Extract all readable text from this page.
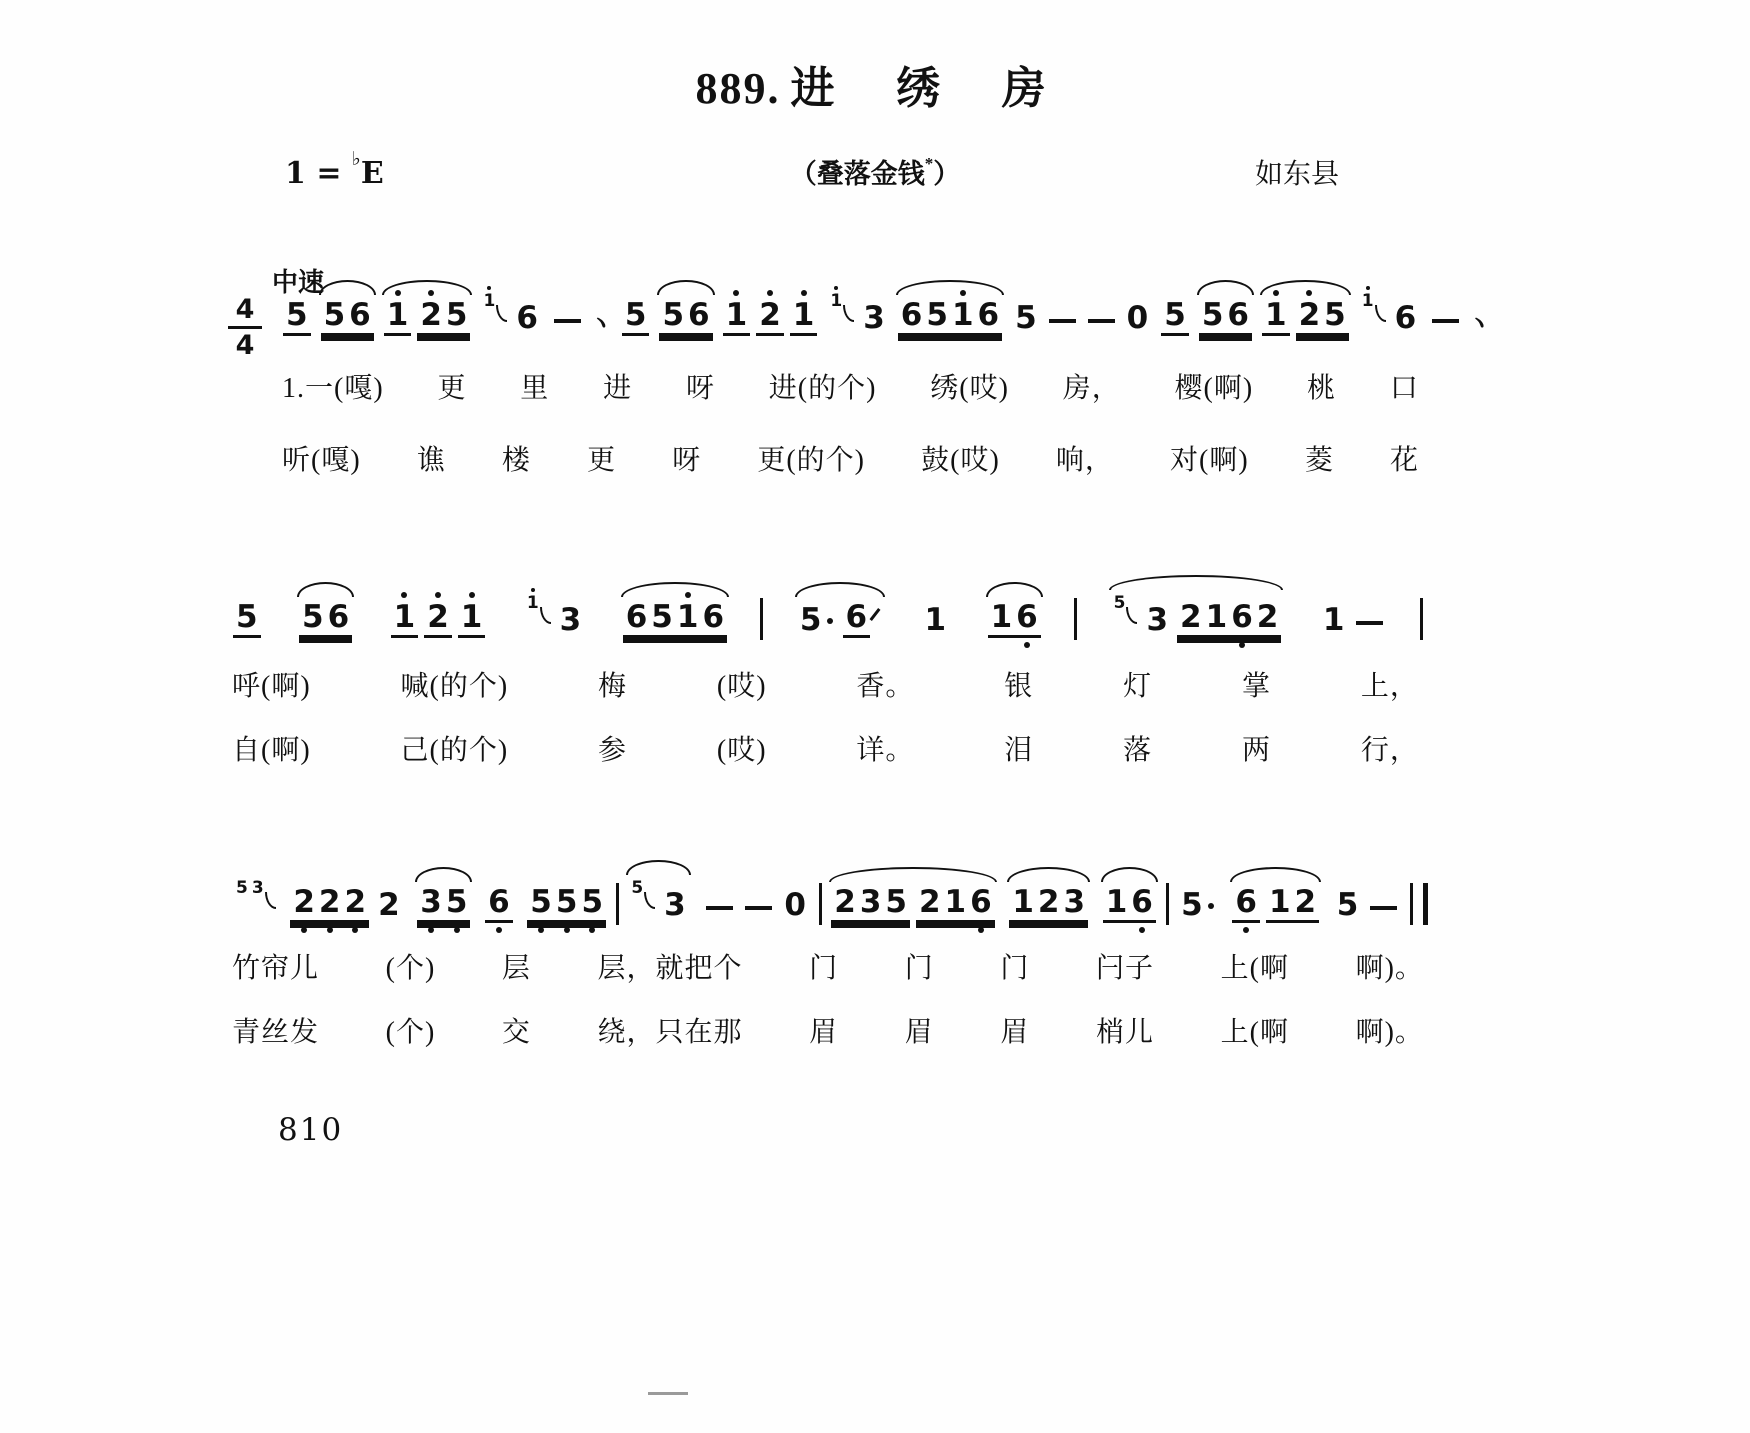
889. 进　绣　房
1 = ♭E	（叠落金钱*）	如东县
中速
4
4
5 5 6 1 2 5 1 6 ヽ 5 5 6 1 2 1 1 3 6 5 1 6 5	0 5 5 6 1 2 5 1 6 ヽ
1.一(嘎) 更 里 进 呀 进(的个) 绣(哎) 房， 樱(啊) 桃 口
听(嘎) 谯 楼 更 呀 更(的个) 鼓(哎) 响， 对(啊) 菱 花
5 5 6 1 2 1	1 3 6 5 1 6 5 6 1 1 6	5 3 2 1 6 2 1
呼(啊)	喊(的个)	梅	(哎)	香。	银	灯	掌	上，
自(啊)	己(的个)	参	(哎)	详。	泪	落	两	行，
5 3 2 2 2 2 3 5 6 5 5 5 5 3	0 2 3 5 2 1 6 1 2 3 1 6 5 6 1 2 5
竹帘儿 (个) 层 层，就把个 门 门 门 闩子 上(啊 啊)。
青丝发 (个) 交 绕，只在那 眉 眉 眉 梢儿 上(啊 啊)。
810
